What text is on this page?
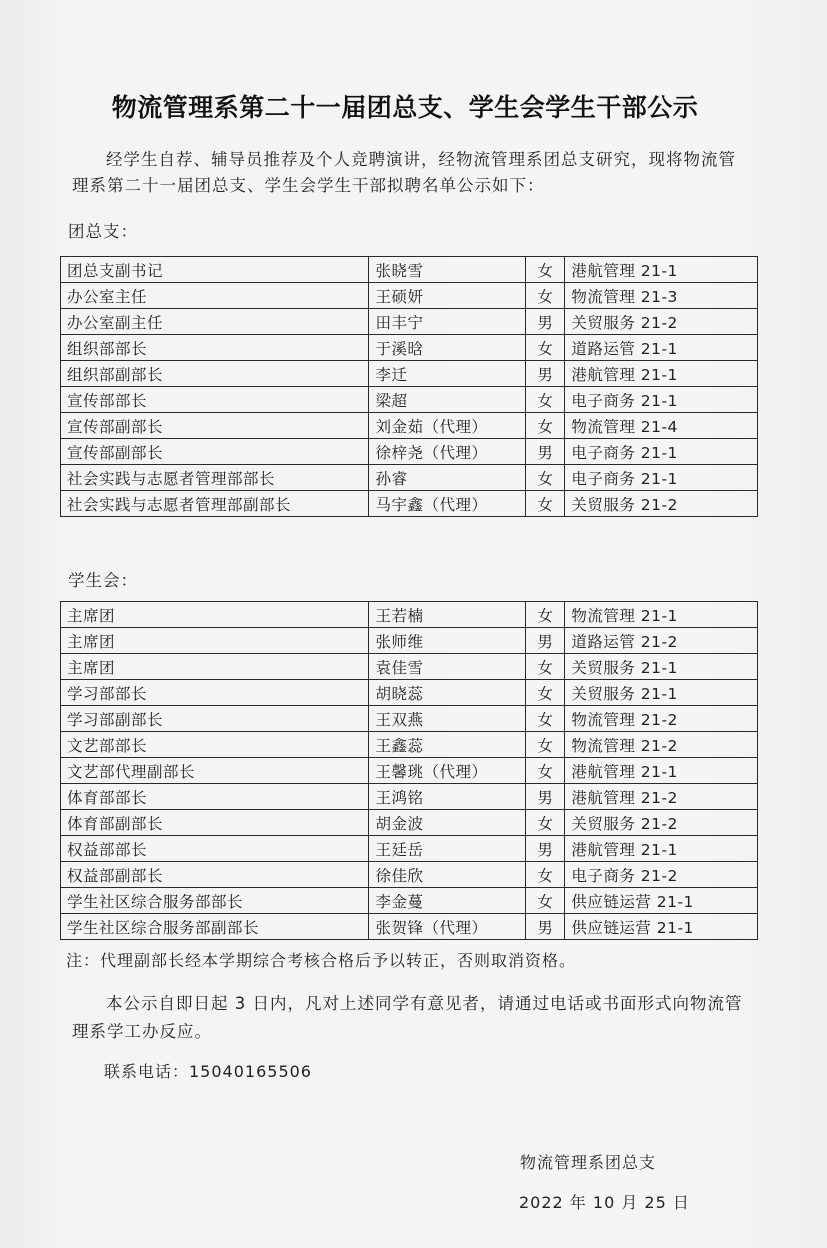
物流管理系第二十一届团总支、学生会学生干部公示
经学生自荐、辅导员推荐及个人竞聘演讲，经物流管理系团总支研究，现将物流管理系第二十一届团总支、学生会学生干部拟聘名单公示如下：
团总支：
团总支副书记	张晓雪	女	港航管理 21-1
办公室主任	王硕妍	女	物流管理 21-3
办公室副主任	田丰宁	男	关贸服务 21-2
组织部部长	于溪晗	女	道路运管 21-1
组织部副部长	李迁	男	港航管理 21-1
宣传部部长	梁超	女	电子商务 21-1
宣传部副部长	刘金茹（代理）	女	物流管理 21-4
宣传部副部长	徐梓尧（代理）	男	电子商务 21-1
社会实践与志愿者管理部部长	孙睿	女	电子商务 21-1
社会实践与志愿者管理部副部长	马宇鑫（代理）	女	关贸服务 21-2
学生会：
主席团	王若楠	女	物流管理 21-1
主席团	张师维	男	道路运管 21-2
主席团	袁佳雪	女	关贸服务 21-1
学习部部长	胡晓蕊	女	关贸服务 21-1
学习部副部长	王双燕	女	物流管理 21-2
文艺部部长	王鑫蕊	女	物流管理 21-2
文艺部代理副部长	王馨珧（代理）	女	港航管理 21-1
体育部部长	王鸿铭	男	港航管理 21-2
体育部副部长	胡金波	女	关贸服务 21-2
权益部部长	王廷岳	男	港航管理 21-1
权益部副部长	徐佳欣	女	电子商务 21-2
学生社区综合服务部部长	李金蔓	女	供应链运营 21-1
学生社区综合服务部副部长	张贺锋（代理）	男	供应链运营 21-1
注：代理副部长经本学期综合考核合格后予以转正，否则取消资格。
本公示自即日起 3 日内，凡对上述同学有意见者，请通过电话或书面形式向物流管理系学工办反应。
联系电话：15040165506
物流管理系团总支
2022 年 10 月 25 日
